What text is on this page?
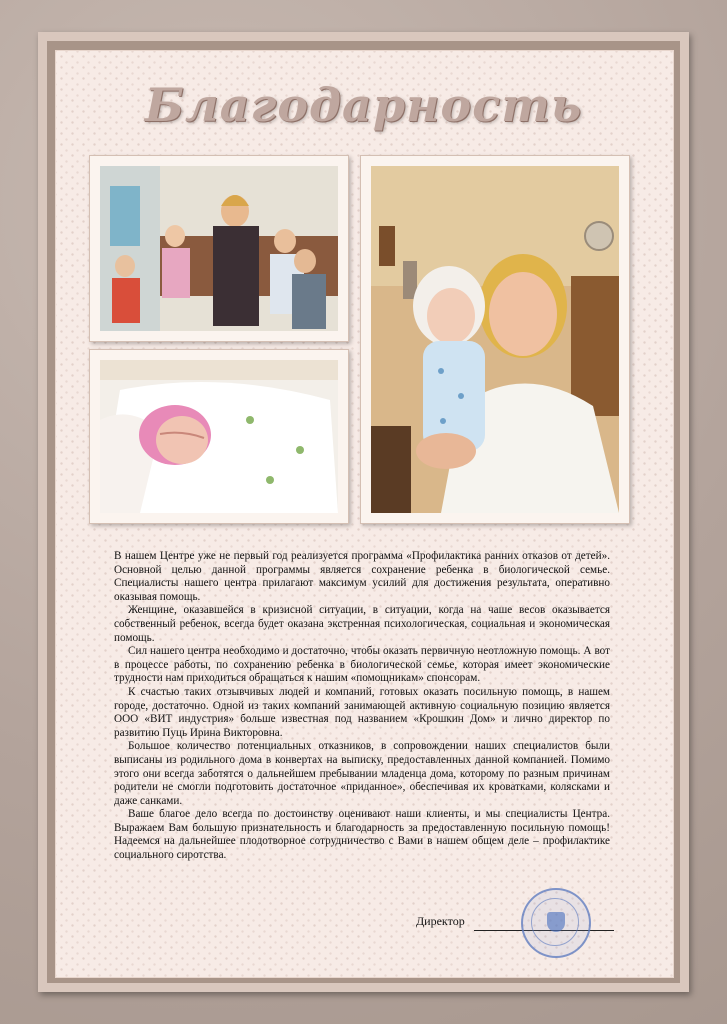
Благодарность

В нашем Центре уже не первый год реализуется программа «Профилактика ранних отказов от детей». Основной целью данной программы является сохранение ребенка в биологической семье. Специалисты нашего центра прилагают максимум усилий для достижения результата, оперативно оказывая помощь.

Женщине, оказавшейся в кризисной ситуации, в ситуации, когда на чаше весов оказывается собственный ребенок, всегда будет оказана экстренная психологическая, социальная и экономическая помощь.

Сил нашего центра необходимо и достаточно, чтобы оказать первичную неотложную помощь. А вот в процессе работы, по сохранению ребенка в биологической семье, которая имеет экономические трудности нам приходиться обращаться к нашим «помощникам» спонсорам.

К счастью таких отзывчивых людей и компаний, готовых оказать посильную помощь, в нашем городе, достаточно. Одной из таких компаний занимающей активную социальную позицию является ООО «ВИТ индустрия» больше известная под названием «Крошкин Дом» и лично директор по развитию Пуць Ирина Викторовна.

Большое количество потенциальных отказников, в сопровождении наших специалистов были выписаны из родильного дома в конвертах на выписку, предоставленных данной компанией. Помимо этого они всегда заботятся о дальнейшем пребывании младенца дома, которому по разным причинам родители не смогли подготовить достаточное «приданное», обеспечивая их кроватками, колясками и даже санками.

Ваше благое дело всегда по достоинству оценивают наши клиенты, и мы специалисты Центра. Выражаем Вам большую признательность и благодарность за предоставленную посильную помощь! Надеемся на дальнейшее плодотворное сотрудничество с Вами в нашем общем деле – профилактике социального сиротства.

Директор
